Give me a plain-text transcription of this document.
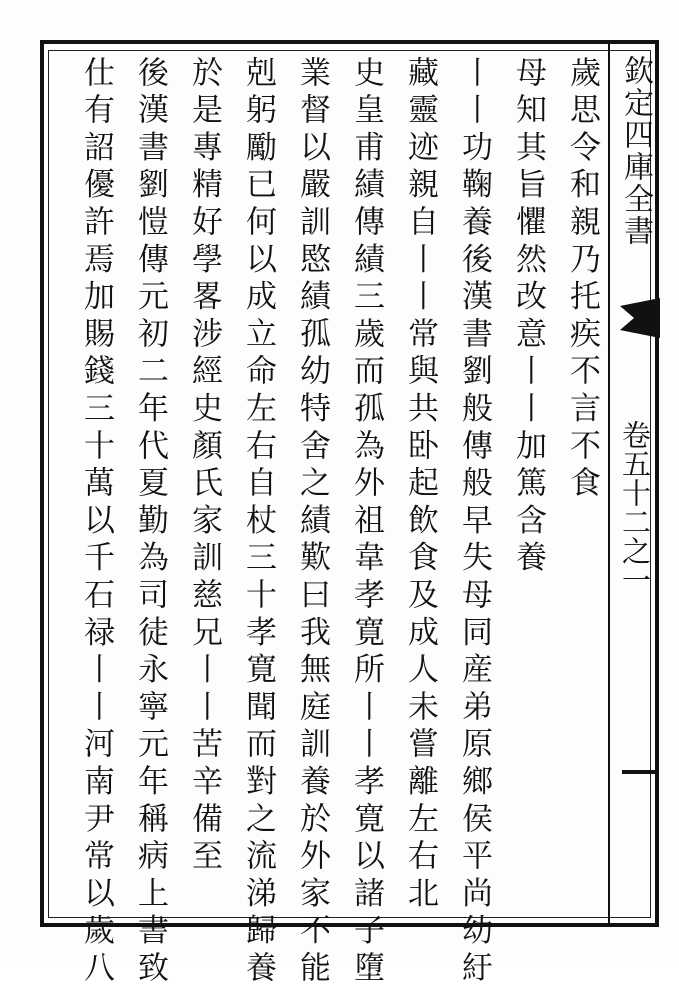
欽定四庫全書
卷五十二之一
歲思令和親乃托疾不言不食
母知其旨懼然改意丨丨加篤含養
丨丨功鞠養後漢書劉般傳般早失母同産弟原鄉侯平尚幼紆
藏靈迹親自丨丨常與共卧起飲食及成人未嘗離左右北
史皇甫績傳績三歲而孤為外祖韋孝寛所丨丨孝寛以諸子墮
業督以嚴訓愍績孤幼特舍之績歎曰我無庭訓養於外家不能
剋躬勵已何以成立命左右自杖三十孝寛聞而對之流涕歸養
於是專精好學畧涉經史顏氏家訓慈兄丨丨苦辛備至
後漢書劉愷傳元初二年代夏勤為司徒永寧元年稱病上書致
仕有詔優許焉加賜錢三十萬以千石禄丨丨河南尹常以歲八
